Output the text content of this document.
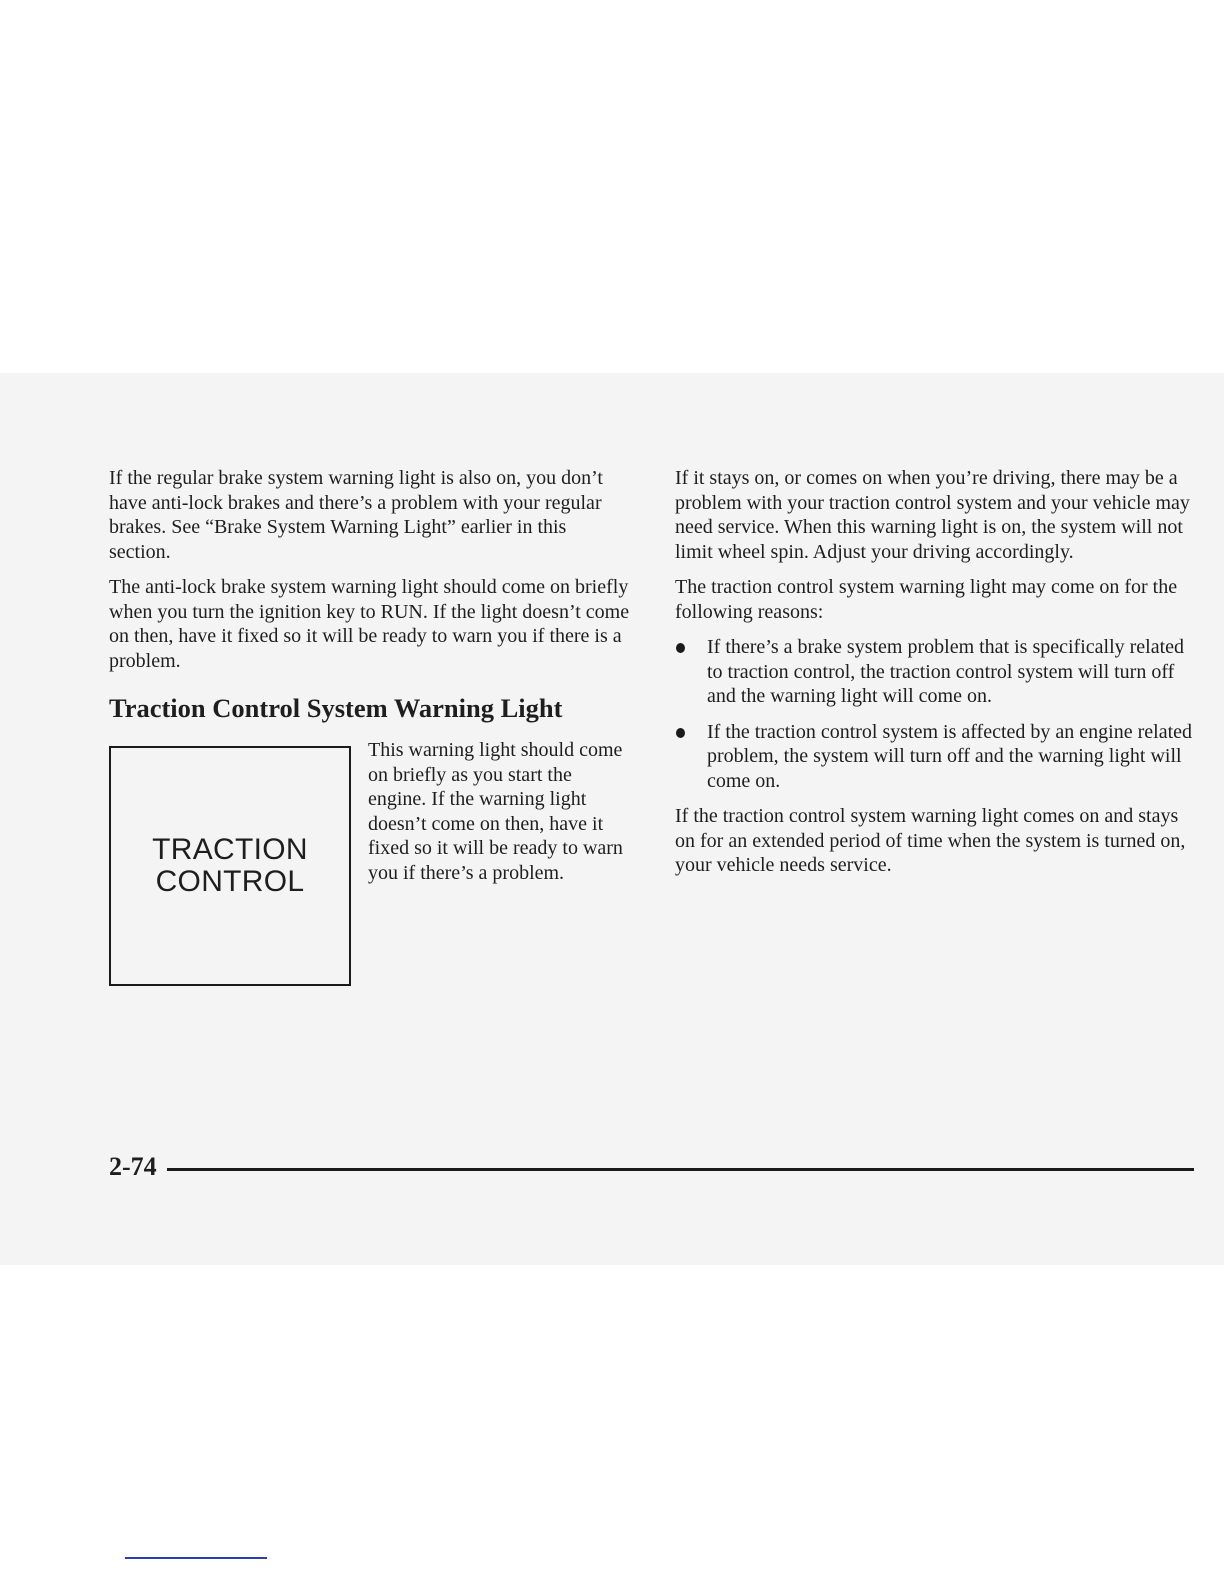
If the regular brake system warning light is also on, you don’t have anti-lock brakes and there’s a problem with your regular brakes. See “Brake System Warning Light” earlier in this section.

The anti-lock brake system warning light should come on briefly when you turn the ignition key to RUN. If the light doesn’t come on then, have it fixed so it will be ready to warn you if there is a problem.

Traction Control System Warning Light
TRACTION
CONTROL

This warning light should come on briefly as you start the engine. If the warning light doesn’t come on then, have it fixed so it will be ready to warn you if there’s a problem.

If it stays on, or comes on when you’re driving, there may be a problem with your traction control system and your vehicle may need service. When this warning light is on, the system will not limit wheel spin. Adjust your driving accordingly.

The traction control system warning light may come on for the following reasons:

If there’s a brake system problem that is specifically related to traction control, the traction control system will turn off and the warning light will come on.
If the traction control system is affected by an engine related problem, the system will turn off and the warning light will come on.

If the traction control system warning light comes on and stays on for an extended period of time when the system is turned on, your vehicle needs service.

2-74
